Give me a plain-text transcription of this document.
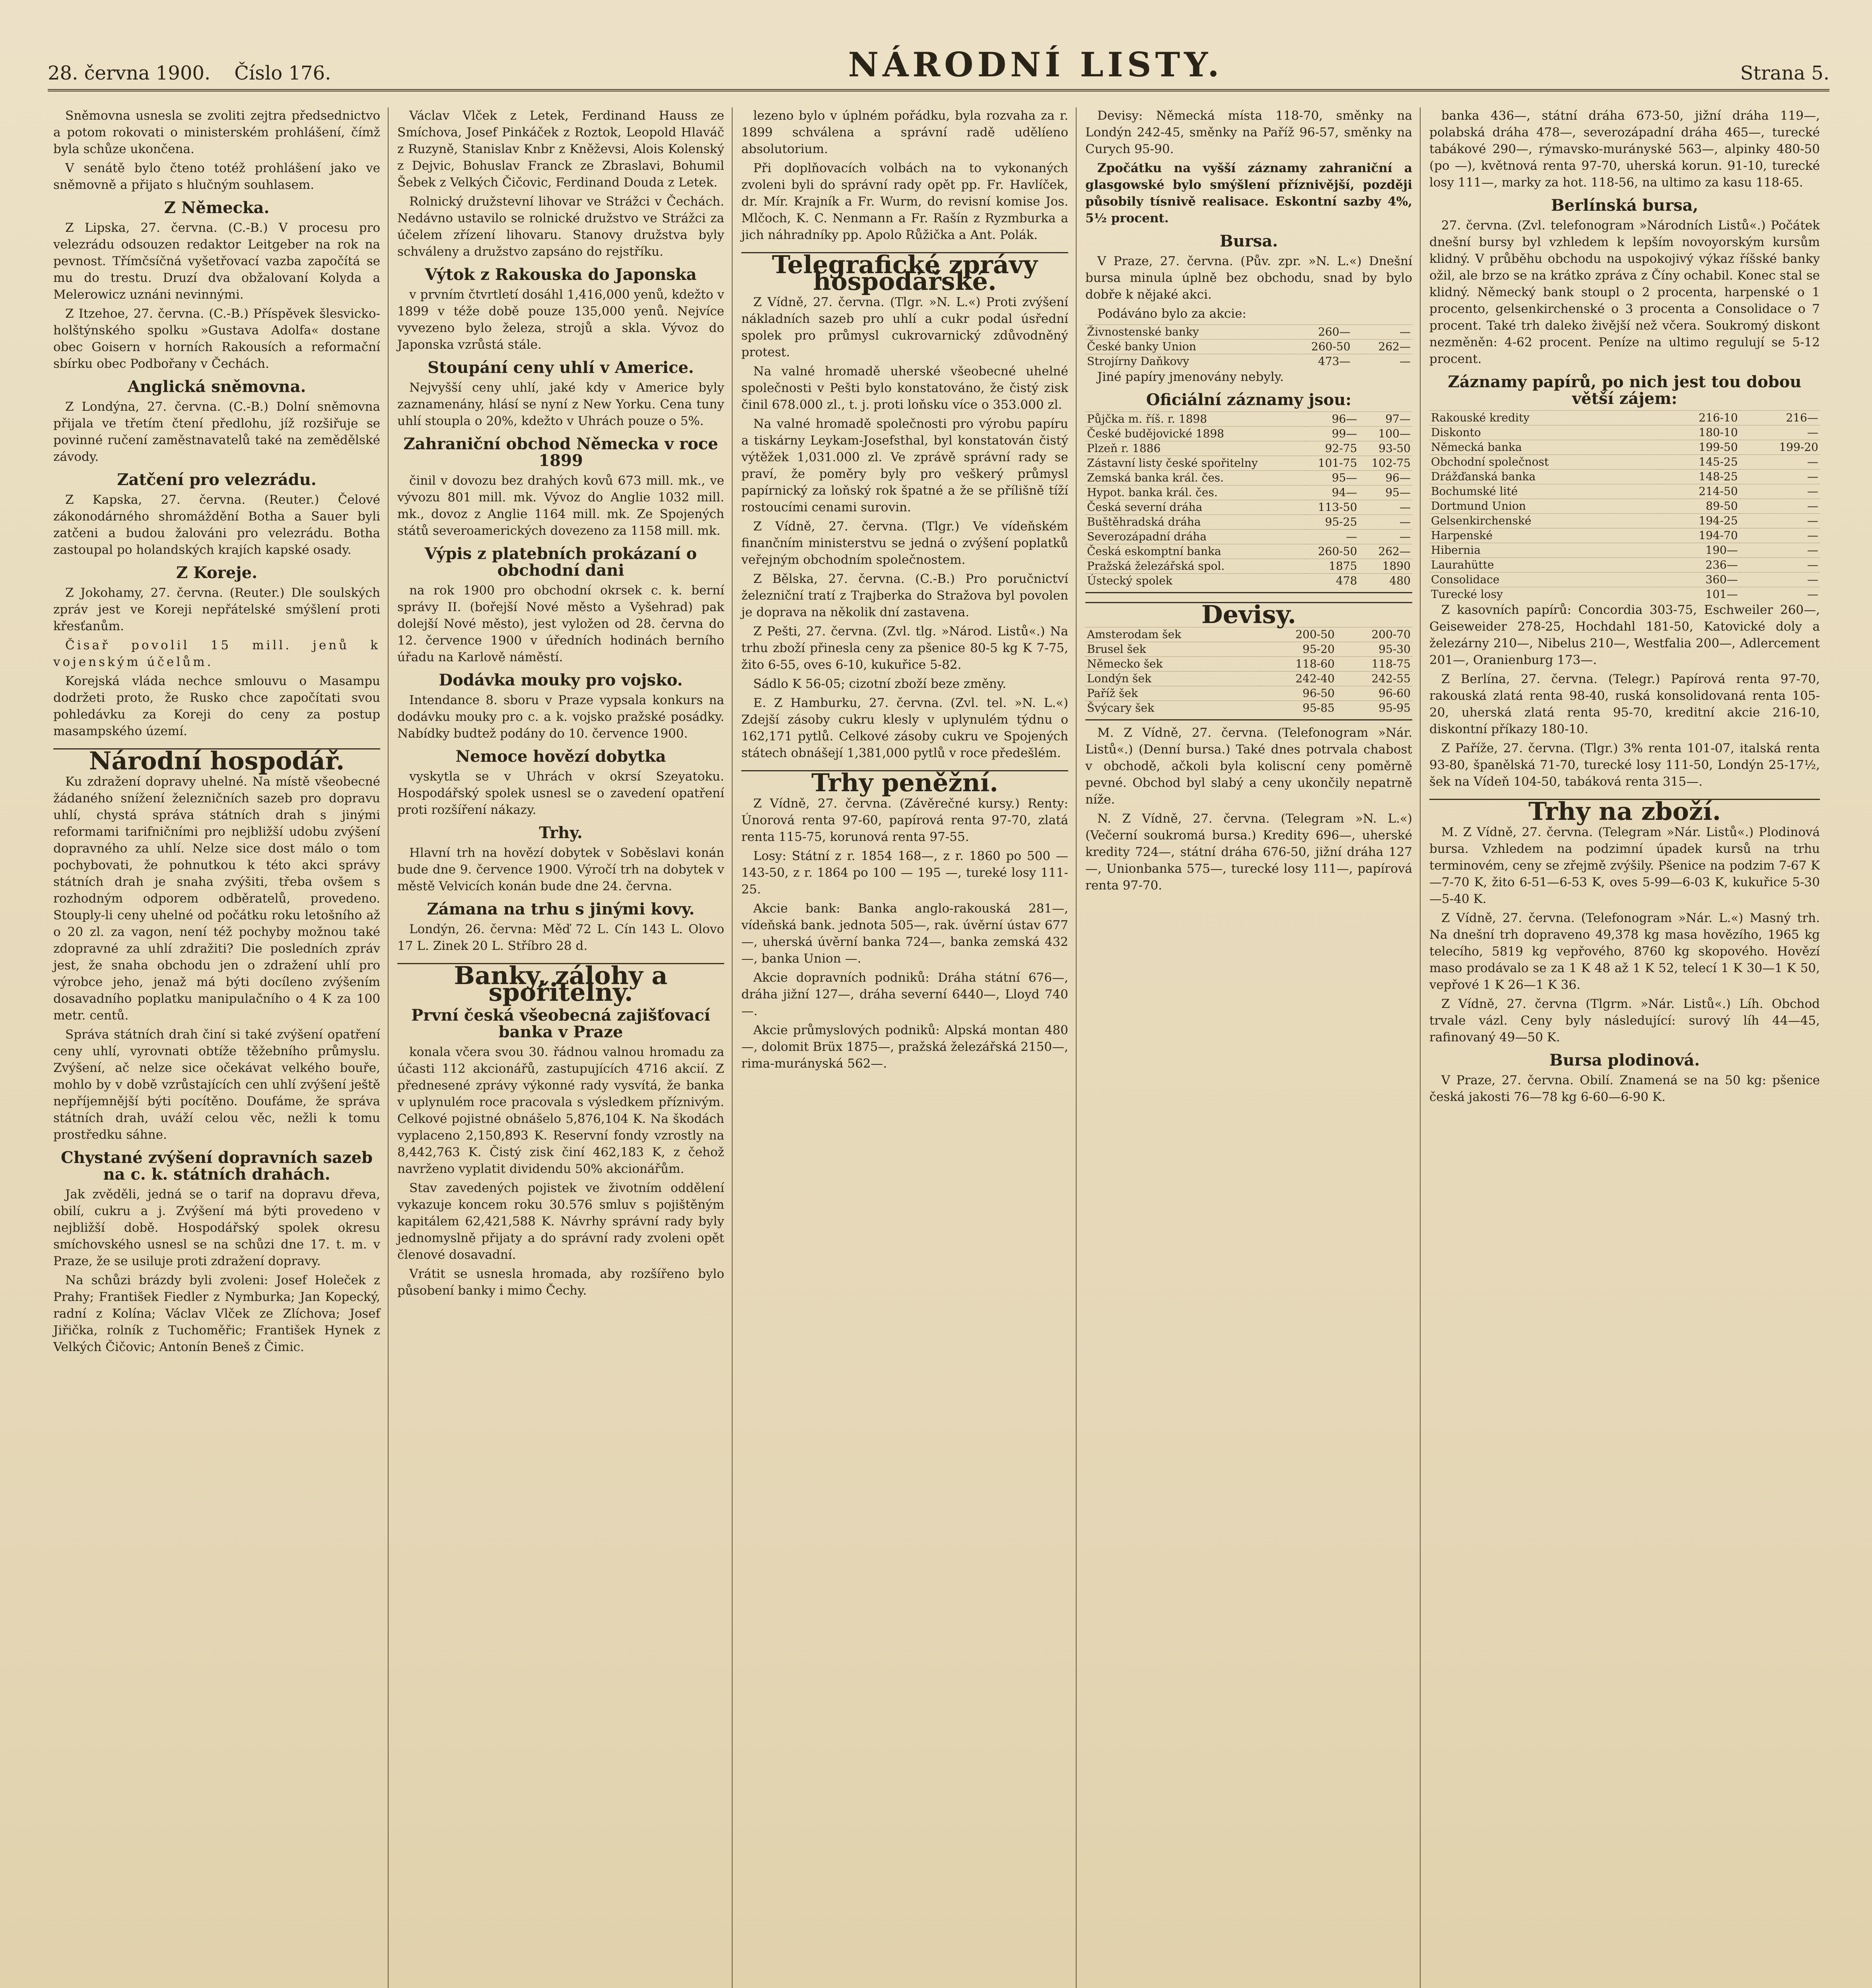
28. června 1900. Číslo 176.	NÁRODNÍ LISTY.	Strana 5.

Sněmovna usnesla se zvoliti zejtra předsednictvo a potom rokovati o ministerském prohlášení, čímž byla schůze ukončena.

V senátě bylo čteno totéž prohlášení jako ve sněmovně a přijato s hlučným souhlasem.

Z Německa.

Z Lipska, 27. června. (C.-B.) V procesu pro velezrádu odsouzen redaktor Leitgeber na rok na pevnost. Třímčsíčná vyšetřovací vazba započítá se mu do trestu. Druzí dva obžalovaní Kolyda a Melerowicz uznáni nevinnými.

Z Itzehoe, 27. června. (C.-B.) Příspěvek šlesvicko-holštýnského spolku »Gustava Adolfa« dostane obec Goisern v horních Rakousích a reformační sbírku obec Podbořany v Čechách.

Anglická sněmovna.

Z Londýna, 27. června. (C.-B.) Dolní sněmovna přijala ve třetím čtení předlohu, jíž rozšiřuje se povinné ručení zaměstnavatelů také na zemědělské závody.

Zatčení pro velezrádu.

Z Kapska, 27. června. (Reuter.) Čelové zákonodárného shromáždění Botha a Sauer byli zatčeni a budou žalováni pro velezrádu. Botha zastoupal po holandských krajích kapské osady.

Z Koreje.

Z Jokohamy, 27. června. (Reuter.) Dle soulských zpráv jest ve Koreji nepřátelské smýšlení proti křesťanům.

Čisař povolil 15 mill. jenů k vojenským účelům.

Korejská vláda nechce smlouvu o Masampu dodržeti proto, že Rusko chce započítati svou pohledávku za Koreji do ceny za postup masampského území.

Národní hospodář.

Ku zdražení dopravy uhelné. Na místě všeobecné žádaného snížení železničních sazeb pro dopravu uhlí, chystá správa státních drah s jinými reformami tarifničními pro nejbližší udobu zvýšení dopravného za uhlí. Nelze sice dost málo o tom pochybovati, že pohnutkou k této akci správy státních drah je snaha zvýšiti, třeba ovšem s rozhodným odporem odběratelů, provedeno. Stouply-li ceny uhelné od počátku roku letošního až o 20 zl. za vagon, není též pochyby možnou také zdopravné za uhlí zdražiti? Die posledních zpráv jest, že snaha obchodu jen o zdražení uhlí pro výrobce jeho, jenaž má býti docíleno zvýšením dosavadního poplatku manipulačního o 4 K za 100 metr. centů.

Správa státních drah činí si také zvýšení opatření ceny uhlí, vyrovnati obtíže těžebního průmyslu. Zvýšení, ač nelze sice očekávat velkého bouře, mohlo by v době vzrůstajících cen uhlí zvýšení ještě nepříjemnější býti pocítěno. Doufáme, že správa státních drah, uváží celou věc, nežli k tomu prostředku sáhne.

Chystané zvýšení dopravních sazeb na c. k. státních drahách.

Jak zvěděli, jedná se o tarif na dopravu dřeva, obilí, cukru a j. Zvýšení má býti provedeno v nejbližší době. Hospodářský spolek okresu smíchovského usnesl se na schůzi dne 17. t. m. v Praze, že se usiluje proti zdražení dopravy.

Na schůzi brázdy byli zvoleni: Josef Holeček z Prahy; František Fiedler z Nymburka; Jan Kopecký, radní z Kolína; Václav Vlček ze Zlíchova; Josef Jiřička, rolník z Tuchoměřic; František Hynek z Velkých Čičovic; Antonín Beneš z Čimic.

Václav Vlček z Letek, Ferdinand Hauss ze Smíchova, Josef Pinkáček z Roztok, Leopold Hlaváč z Ruzyně, Stanislav Knbr z Kněževsi, Alois Kolenský z Dejvic, Bohuslav Franck ze Zbraslavi, Bohumil Šebek z Velkých Čičovic, Ferdinand Douda z Letek.

Rolnický družstevní lihovar ve Strážci v Čechách. Nedávno ustavilo se rolnické družstvo ve Strážci za účelem zřízení lihovaru. Stanovy družstva byly schváleny a družstvo zapsáno do rejstříku.

Výtok z Rakouska do Japonska

v prvním čtvrtletí dosáhl 1,416,000 yenů, kdežto v 1899 v téže době pouze 135,000 yenů. Nejvíce vyvezeno bylo železa, strojů a skla. Vývoz do Japonska vzrůstá stále.

Stoupání ceny uhlí v Americe.

Nejvyšší ceny uhlí, jaké kdy v Americe byly zaznamenány, hlásí se nyní z New Yorku. Cena tuny uhlí stoupla o 20%, kdežto v Uhrách pouze o 5%.

Zahraniční obchod Německa v roce 1899

činil v dovozu bez drahých kovů 673 mill. mk., ve vývozu 801 mill. mk. Vývoz do Anglie 1032 mill. mk., dovoz z Anglie 1164 mill. mk. Ze Spojených států severoamerických dovezeno za 1158 mill. mk.

Výpis z platebních prokázaní o obchodní dani

na rok 1900 pro obchodní okrsek c. k. berní správy II. (bořejší Nové město a Vyšehrad) pak dolejší Nové město), jest vyložen od 28. června do 12. července 1900 v úředních hodinách berního úřadu na Karlově náměstí.

Dodávka mouky pro vojsko.

Intendance 8. sboru v Praze vypsala konkurs na dodávku mouky pro c. a k. vojsko pražské posádky. Nabídky budtež podány do 10. července 1900.

Nemoce hovězí dobytka

vyskytla se v Uhrách v okrsí Szeyatoku. Hospodářský spolek usnesl se o zavedení opatření proti rozšíření nákazy.

Trhy.

Hlavní trh na hovězí dobytek v Soběslavi konán bude dne 9. července 1900. Výročí trh na dobytek v městě Velvicích konán bude dne 24. června.

Zámana na trhu s jinými kovy.

Londýn, 26. června: Měď 72 L. Cín 143 L. Olovo 17 L. Zinek 20 L. Stříbro 28 d.

Banky, zálohy a spořitelny.
První česká všeobecná zajišťovací banka v Praze

konala včera svou 30. řádnou valnou hromadu za účasti 112 akcionářů, zastupujících 4716 akcií. Z přednesené zprávy výkonné rady vysvítá, že banka v uplynulém roce pracovala s výsledkem příznivým. Celkové pojistné obnášelo 5,876,104 K. Na škodách vyplaceno 2,150,893 K. Reservní fondy vzrostly na 8,442,763 K. Čistý zisk činí 462,183 K, z čehož navrženo vyplatit dividendu 50% akcionářům.

Stav zavedených pojistek ve životním oddělení vykazuje koncem roku 30.576 smluv s pojištěným kapitálem 62,421,588 K. Návrhy správní rady byly jednomyslně přijaty a do správní rady zvoleni opět členové dosavadní.

Vrátit se usnesla hromada, aby rozšířeno bylo působení banky i mimo Čechy.

lezeno bylo v úplném pořádku, byla rozvaha za r. 1899 schválena a správní radě udělíeno absolutorium.

Při doplňovacích volbách na to vykonaných zvoleni byli do správní rady opět pp. Fr. Havlíček, dr. Mír. Krajník a Fr. Wurm, do revisní komise Jos. Mlčoch, K. C. Nenmann a Fr. Rašín z Ryzmburka a jich náhradníky pp. Apolo Růžička a Ant. Polák.

Telegrafické zprávy hospodářské.

Z Vídně, 27. června. (Tlgr. »N. L.«) Proti zvýšení nákladních sazeb pro uhlí a cukr podal úsřední spolek pro průmysl cukrovarnický zdůvodněný protest.

Na valné hromadě uherské všeobecné uhelné společnosti v Pešti bylo konstatováno, že čistý zisk činil 678.000 zl., t. j. proti loňsku více o 353.000 zl.

Na valné hromadě společnosti pro výrobu papíru a tiskárny Leykam-Josefsthal, byl konstatován čistý výtěžek 1,031.000 zl. Ve zprávě správní rady se praví, že poměry byly pro veškerý průmysl papírnický za loňský rok špatné a že se přílišně tíží rostoucími cenami surovin.

Z Vídně, 27. června. (Tlgr.) Ve vídeňském finančním ministerstvu se jedná o zvýšení poplatků veřejným obchodním společnostem.

Z Bělska, 27. června. (C.-B.) Pro poručnictví železniční tratí z Trajberka do Stražova byl povolen je doprava na několik dní zastavena.

Z Pešti, 27. června. (Zvl. tlg. »Národ. Listů«.) Na trhu zboží přinesla ceny za pšenice 80-5 kg K 7-75, žito 6-55, oves 6-10, kukuřice 5-82.

Sádlo K 56-05; cizotní zboží beze změny.

E. Z Hamburku, 27. června. (Zvl. tel. »N. L.«) Zdejší zásoby cukru klesly v uplynulém týdnu o 162,171 pytlů. Celkové zásoby cukru ve Spojených státech obnášejí 1,381,000 pytlů v roce předešlém.

Trhy peněžní.

Z Vídně, 27. června. (Závěrečné kursy.) Renty: Únorová renta 97-60, papírová renta 97-70, zlatá renta 115-75, korunová renta 97-55.

Losy: Státní z r. 1854 168—, z r. 1860 po 500 — 143-50, z r. 1864 po 100 — 195 —, tureké losy 111-25.

Akcie bank: Banka anglo-rakouská 281—, vídeňská bank. jednota 505—, rak. úvěrní ústav 677—, uherská úvěrní banka 724—, banka zemská 432—, banka Union —.

Akcie dopravních podniků: Dráha státní 676—, dráha jižní 127—, dráha severní 6440—, Lloyd 740—.

Akcie průmyslových podniků: Alpská montan 480—, dolomit Brüx 1875—, pražská železářská 2150—, rima-murányská 562—.

Devisy: Německá místa 118-70, směnky na Londýn 242-45, směnky na Paříž 96-57, směnky na Curych 95-90.

Zpočátku na vyšší záznamy zahraniční a glasgowské bylo smýšlení příznivější, později působily tísnivě realisace. Eskontní sazby 4%, 5½ procent.

Bursa.

V Praze, 27. června. (Pův. zpr. »N. L.«) Dnešní bursa minula úplně bez obchodu, snad by bylo dobře k nějaké akci.

Podáváno bylo za akcie:

Živnostenské banky	260—	—
České banky Union	260-50	262—
Strojírny Daňkovy	473—	—

Jiné papíry jmenovány nebyly.

Oficiální záznamy jsou:
Půjčka m. říš. r. 1898	96—	97—
České budějovické 1898	99—	100—
Plzeň r. 1886	92-75	93-50
Zástavní listy české spořitelny	101-75	102-75
Zemská banka král. čes.	95—	96—
Hypot. banka král. čes.	94—	95—
Česká severní dráha	113-50	—
Buštěhradská dráha	95-25	—
Severozápadní dráha	—	—
Česká eskomptní banka	260-50	262—
Pražská železářská spol.	1875	1890
Ústecký spolek	478	480
Devisy.
Amsterodam šek	200-50	200-70
Brusel šek	95-20	95-30
Německo šek	118-60	118-75
Londýn šek	242-40	242-55
Paříž šek	96-50	96-60
Švýcary šek	95-85	95-95

M. Z Vídně, 27. června. (Telefonogram »Nár. Listů«.) (Denní bursa.) Také dnes potrvala chabost v obchodě, ačkoli byla koliscní ceny poměrně pevné. Obchod byl slabý a ceny ukončily nepatrně níže.

N. Z Vídně, 27. června. (Telegram »N. L.«) (Večerní soukromá bursa.) Kredity 696—, uherské kredity 724—, státní dráha 676-50, jižní dráha 127—, Unionbanka 575—, turecké losy 111—, papírová renta 97-70.

banka 436—, státní dráha 673-50, jižní dráha 119—, polabská dráha 478—, severozápadní dráha 465—, turecké tabákové 290—, rýmavsko-murányské 563—, alpinky 480-50 (po —), květnová renta 97-70, uherská korun. 91-10, turecké losy 111—, marky za hot. 118-56, na ultimo za kasu 118-65.

Berlínská bursa,

27. června. (Zvl. telefonogram »Národních Listů«.) Počátek dnešní bursy byl vzhledem k lepším novoyorským kursům klidný. V průběhu obchodu na uspokojivý výkaz říšské banky ožil, ale brzo se na krátko zpráva z Číny ochabil. Konec stal se klidný. Německý bank stoupl o 2 procenta, harpenské o 1 procento, gelsenkirchenské o 3 procenta a Consolidace o 7 procent. Také trh daleko živější než včera. Soukromý diskont nezměněn: 4-62 procent. Peníze na ultimo regulují se 5-12 procent.

Záznamy papírů, po nich jest tou dobou větší zájem:
Rakouské kredity	216-10	216—
Diskonto	180-10	—
Německá banka	199-50	199-20
Obchodní společnost	145-25	—
Drážďanská banka	148-25	—
Bochumské lité	214-50	—
Dortmund Union	89-50	—
Gelsenkirchenské	194-25	—
Harpenské	194-70	—
Hibernia	190—	—
Laurahütte	236—	—
Consolidace	360—	—
Turecké losy	101—	—

Z kasovních papírů: Concordia 303-75, Eschweiler 260—, Geiseweider 278-25, Hochdahl 181-50, Katovické doly a železárny 210—, Nibelus 210—, Westfalia 200—, Adlercement 201—, Oranienburg 173—.

Z Berlína, 27. června. (Telegr.) Papírová renta 97-70, rakouská zlatá renta 98-40, ruská konsolidovaná renta 105-20, uherská zlatá renta 95-70, kreditní akcie 216-10, diskontní příkazy 180-10.

Z Paříže, 27. června. (Tlgr.) 3% renta 101-07, italská renta 93-80, španělská 71-70, turecké losy 111-50, Londýn 25-17½, šek na Vídeň 104-50, tabáková renta 315—.

Trhy na zboží.

M. Z Vídně, 27. června. (Telegram »Nár. Listů«.) Plodinová bursa. Vzhledem na podzimní úpadek kursů na trhu terminovém, ceny se zřejmě zvýšily. Pšenice na podzim 7-67 K—7-70 K, žito 6-51—6-53 K, oves 5-99—6-03 K, kukuřice 5-30—5-40 K.

Z Vídně, 27. června. (Telefonogram »Nár. L.«) Masný trh. Na dnešní trh dopraveno 49,378 kg masa hovězího, 1965 kg telecího, 5819 kg vepřového, 8760 kg skopového. Hovězí maso prodávalo se za 1 K 48 až 1 K 52, telecí 1 K 30—1 K 50, vepřové 1 K 26—1 K 36.

Z Vídně, 27. června (Tlgrm. »Nár. Listů«.) Líh. Obchod trvale vázl. Ceny byly následující: surový líh 44—45, rafinovaný 49—50 K.

Bursa plodinová.

V Praze, 27. června. Obilí. Znamená se na 50 kg: pšenice česká jakosti 76—78 kg 6-60—6-90 K.
